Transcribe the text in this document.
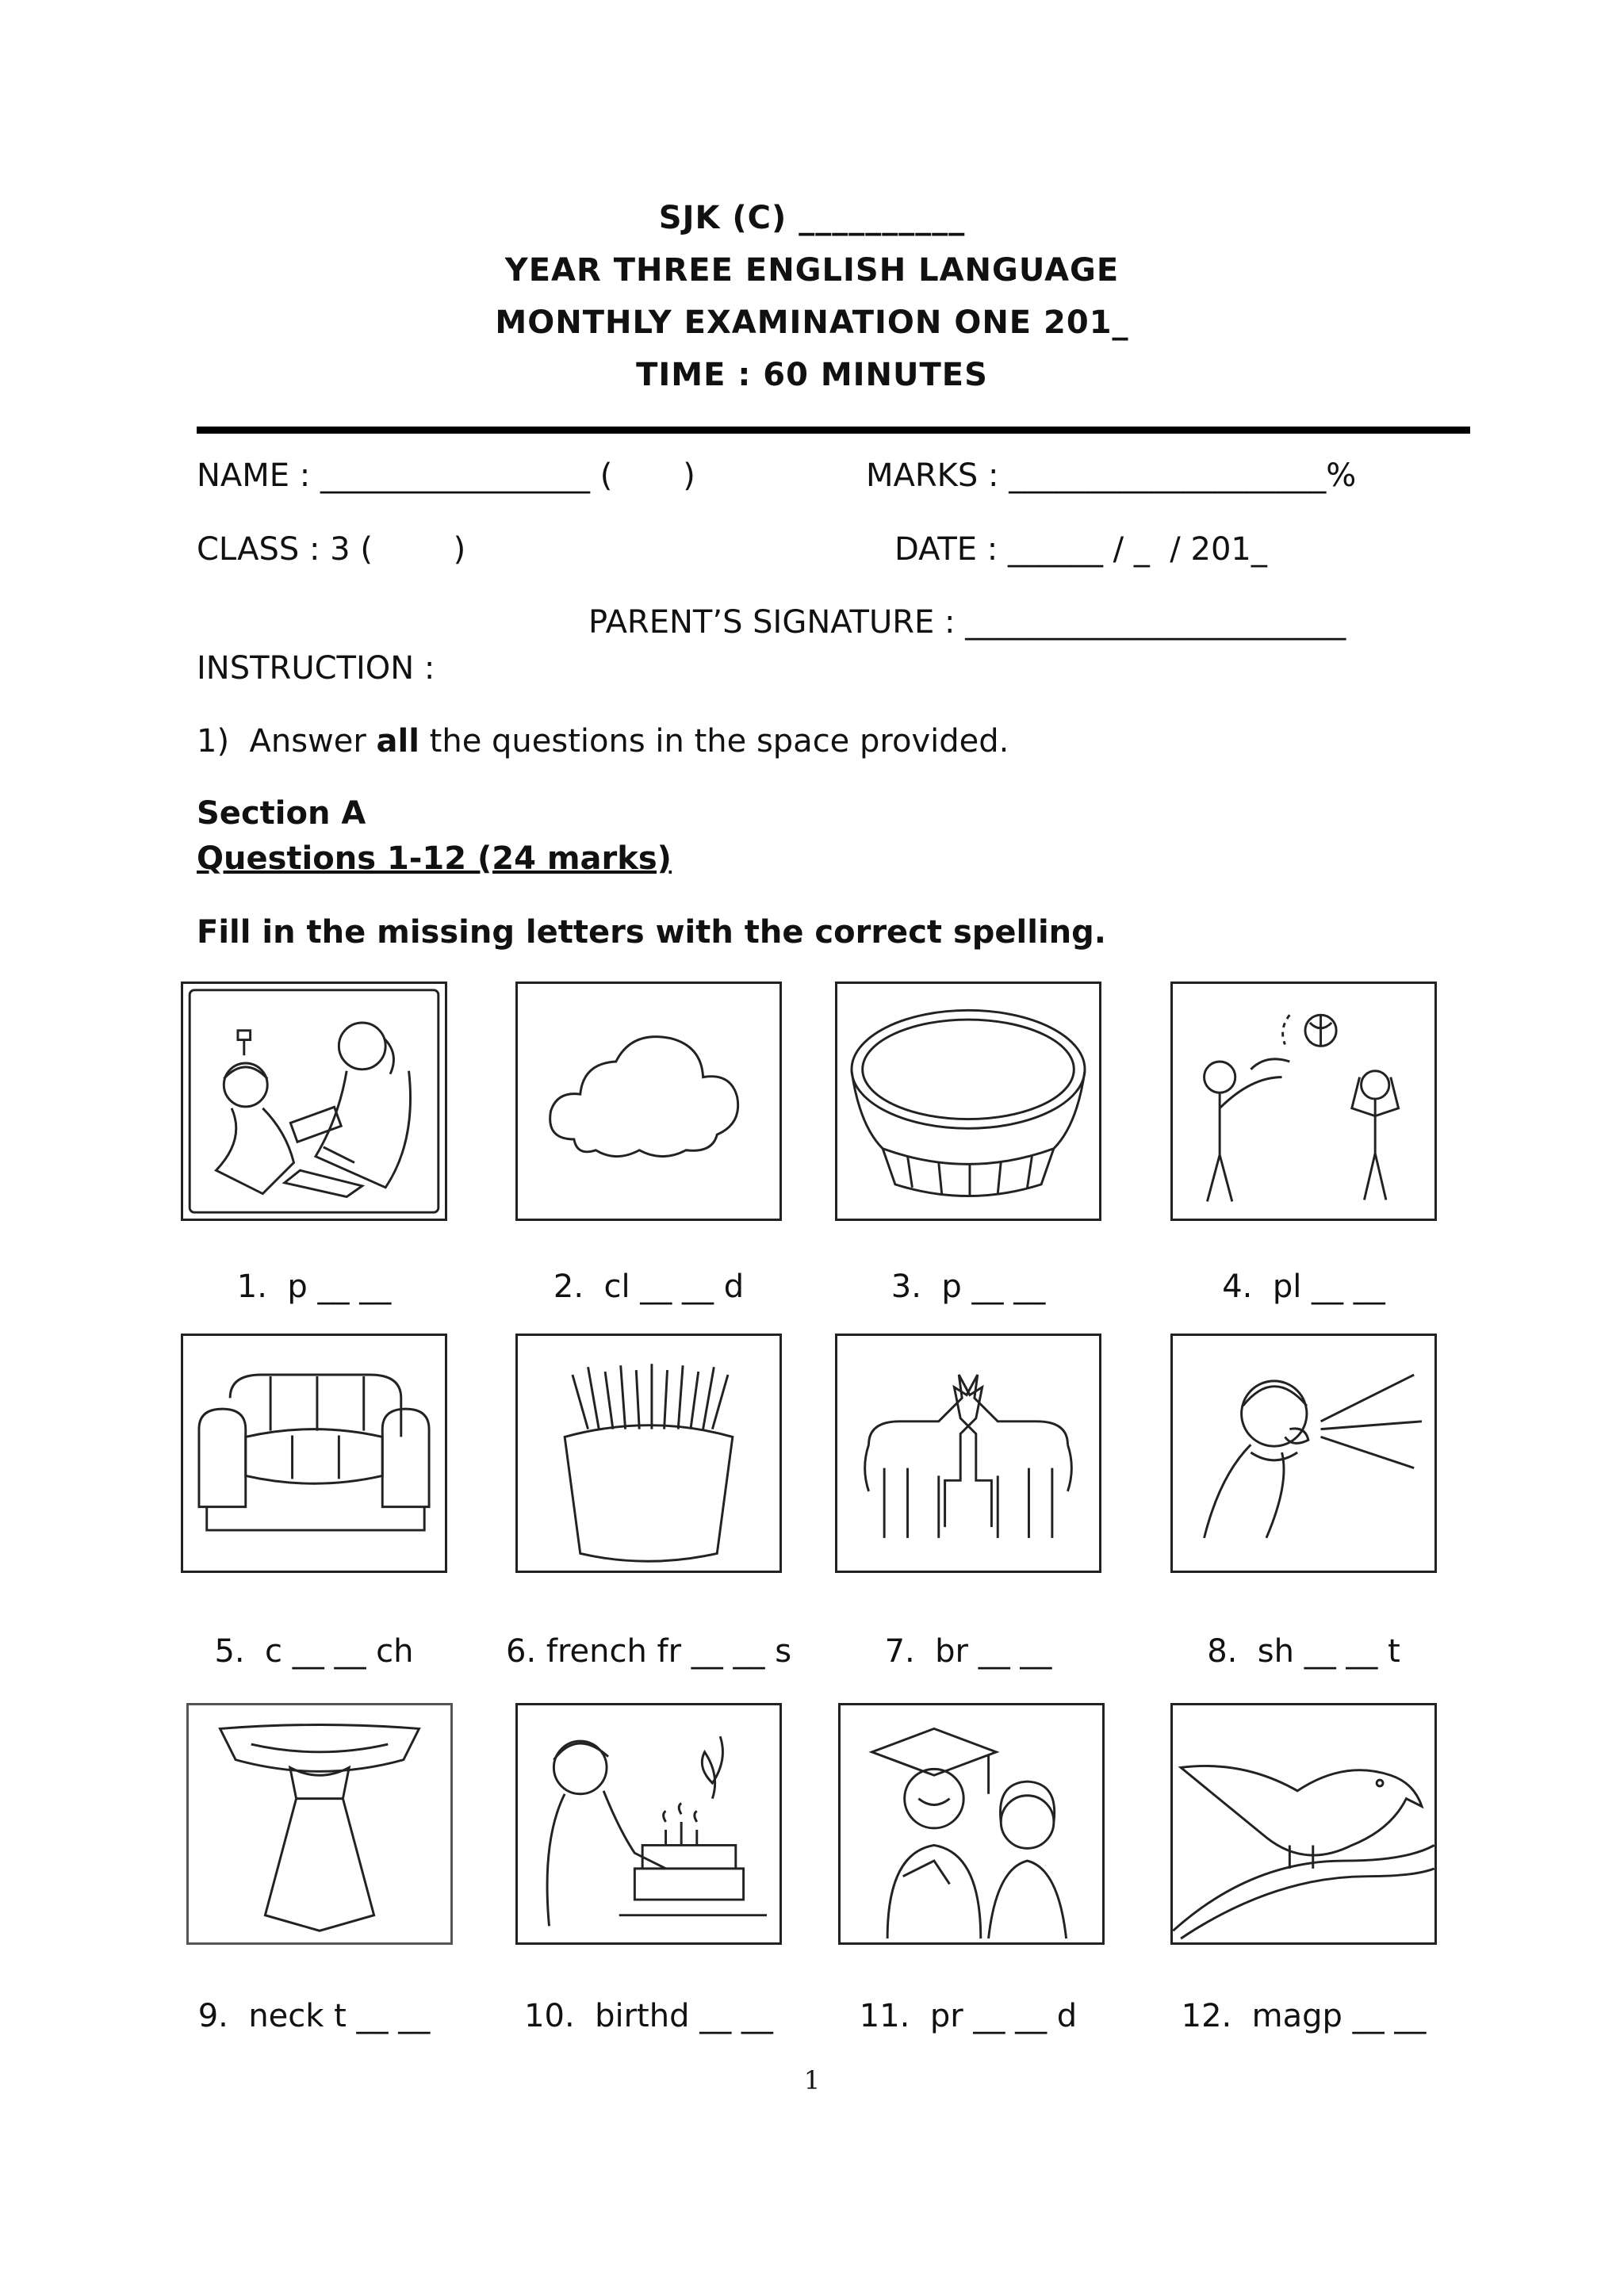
SJK (C) __________
YEAR THREE ENGLISH LANGUAGE
MONTHLY EXAMINATION ONE 201_
TIME : 60 MINUTES
NAME : _________________ (       )	MARKS : ____________________%
CLASS : 3 (        )	DATE : ______ / _  / 201_
PARENT’S SIGNATURE : ________________________
INSTRUCTION :
1) Answer all the questions in the space provided.
Section A
Questions 1-12 (24 marks)
Fill in the missing letters with the correct spelling.
1.  p __ __	2.  cl __ __ d	3.  p __ __	4.  pl __ __
5.  c __ __ ch	6. french fr __ __ s	7.  br __ __	8.  sh __ __ t
9.  neck t __ __	10.  birthd __ __	11.  pr __ __ d	12.  magp __ __
1
